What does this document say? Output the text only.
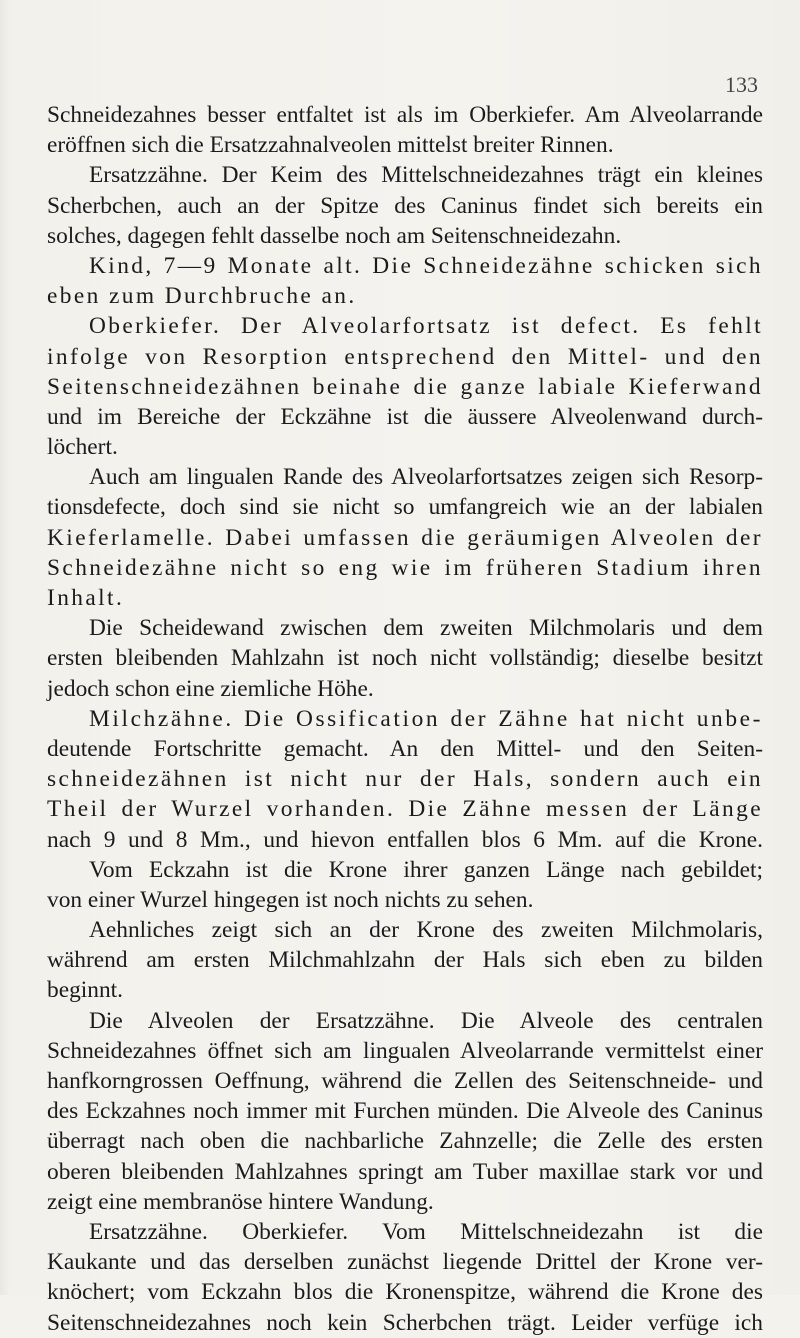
133
Schneidezahnes besser entfaltet ist als im Oberkiefer. Am Alveolarrande
eröffnen sich die Ersatzzahnalveolen mittelst breiter Rinnen.
Ersatzzähne. Der Keim des Mittelschneidezahnes trägt ein kleines
Scherbchen, auch an der Spitze des Caninus findet sich bereits ein
solches, dagegen fehlt dasselbe noch am Seitenschneidezahn.
Kind, 7—9 Monate alt. Die Schneidezähne schicken sich
eben zum Durchbruche an.
Oberkiefer. Der Alveolarfortsatz ist defect. Es fehlt
infolge von Resorption entsprechend den Mittel- und den
Seitenschneidezähnen beinahe die ganze labiale Kieferwand
und im Bereiche der Eckzähne ist die äussere Alveolenwand durch-
löchert.
Auch am lingualen Rande des Alveolarfortsatzes zeigen sich Resorp-
tionsdefecte, doch sind sie nicht so umfangreich wie an der labialen
Kieferlamelle. Dabei umfassen die geräumigen Alveolen der
Schneidezähne nicht so eng wie im früheren Stadium ihren
Inhalt.
Die Scheidewand zwischen dem zweiten Milchmolaris und dem
ersten bleibenden Mahlzahn ist noch nicht vollständig; dieselbe besitzt
jedoch schon eine ziemliche Höhe.
Milchzähne. Die Ossification der Zähne hat nicht unbe-
deutende Fortschritte gemacht. An den Mittel- und den Seiten-
schneidezähnen ist nicht nur der Hals, sondern auch ein
Theil der Wurzel vorhanden. Die Zähne messen der Länge
nach 9 und 8 Mm., und hievon entfallen blos 6 Mm. auf die Krone.
Vom Eckzahn ist die Krone ihrer ganzen Länge nach gebildet;
von einer Wurzel hingegen ist noch nichts zu sehen.
Aehnliches zeigt sich an der Krone des zweiten Milchmolaris,
während am ersten Milchmahlzahn der Hals sich eben zu bilden
beginnt.
Die Alveolen der Ersatzzähne. Die Alveole des centralen
Schneidezahnes öffnet sich am lingualen Alveolarrande vermittelst einer
hanfkorngrossen Oeffnung, während die Zellen des Seitenschneide- und
des Eckzahnes noch immer mit Furchen münden. Die Alveole des Caninus
überragt nach oben die nachbarliche Zahnzelle; die Zelle des ersten
oberen bleibenden Mahlzahnes springt am Tuber maxillae stark vor und
zeigt eine membranöse hintere Wandung.
Ersatzzähne. Oberkiefer. Vom Mittelschneidezahn ist die
Kaukante und das derselben zunächst liegende Drittel der Krone ver-
knöchert; vom Eckzahn blos die Kronenspitze, während die Krone des
Seitenschneidezahnes noch kein Scherbchen trägt. Leider verfüge ich
